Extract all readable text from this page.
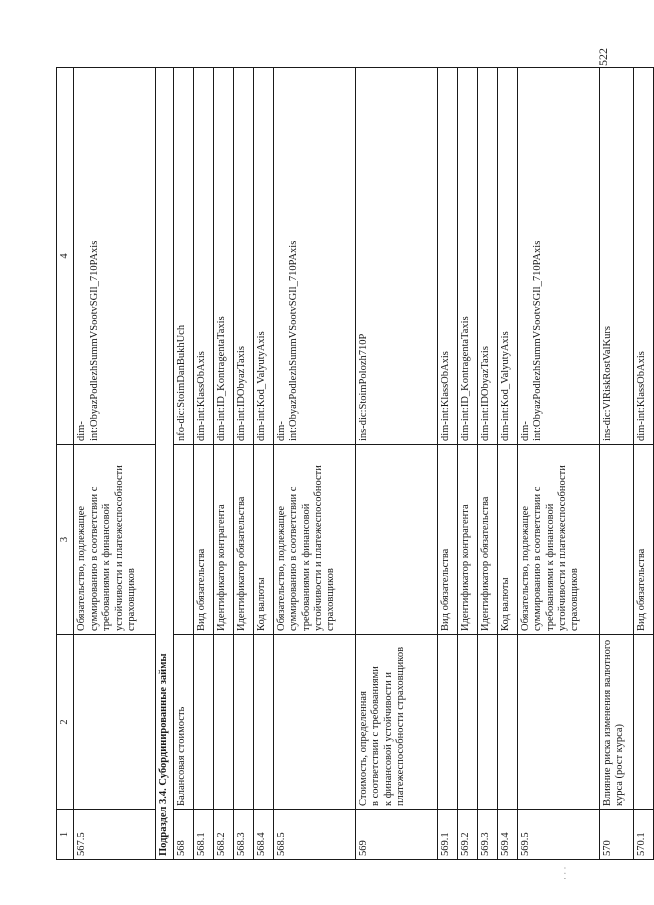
522
· · ·
1	2	3	4
567.5		Обязательство, подлежащее
суммированию в соответствии с
требованиями к финансовой
устойчивости и платежеспособности
страховщиков	dim-
int:ObyazPodlezhSummVSootvSGIl_710PAxis
Подраздел 3.4. Субординированные займы			
568	Балансовая стоимость		nfo-dic:StoimDanBukhUch
568.1		Вид обязательства	dim-int:KlassObAxis
568.2		Идентификатор контрагента	dim-int:ID_KontragentaTaxis
568.3		Идентификатор обязательства	dim-int:IDObyazTaxis
568.4		Код валюты	dim-int:Kod_ValyutyAxis
568.5		Обязательство, подлежащее
суммированию в соответствии с
требованиями к финансовой
устойчивости и платежеспособности
страховщиков	dim-
int:ObyazPodlezhSummVSootvSGIl_710PAxis
569	Стоимость, определенная
в соответствии с требованиями
к финансовой устойчивости и
платежеспособности страховщиков		ins-dic:StoimPolozh710P
569.1		Вид обязательства	dim-int:KlassObAxis
569.2		Идентификатор контрагента	dim-int:ID_KontragentaTaxis
569.3		Идентификатор обязательства	dim-int:IDObyazTaxis
569.4		Код валюты	dim-int:Kod_ValyutyAxis
569.5		Обязательство, подлежащее
суммированию в соответствии с
требованиями к финансовой
устойчивости и платежеспособности
страховщиков	dim-
int:ObyazPodlezhSummVSootvSGIl_710PAxis
570	Влияние риска изменения валютного
курса (рост курса)		ins-dic:VlRiskRostValKurs
570.1		Вид обязательства	dim-int:KlassObAxis
